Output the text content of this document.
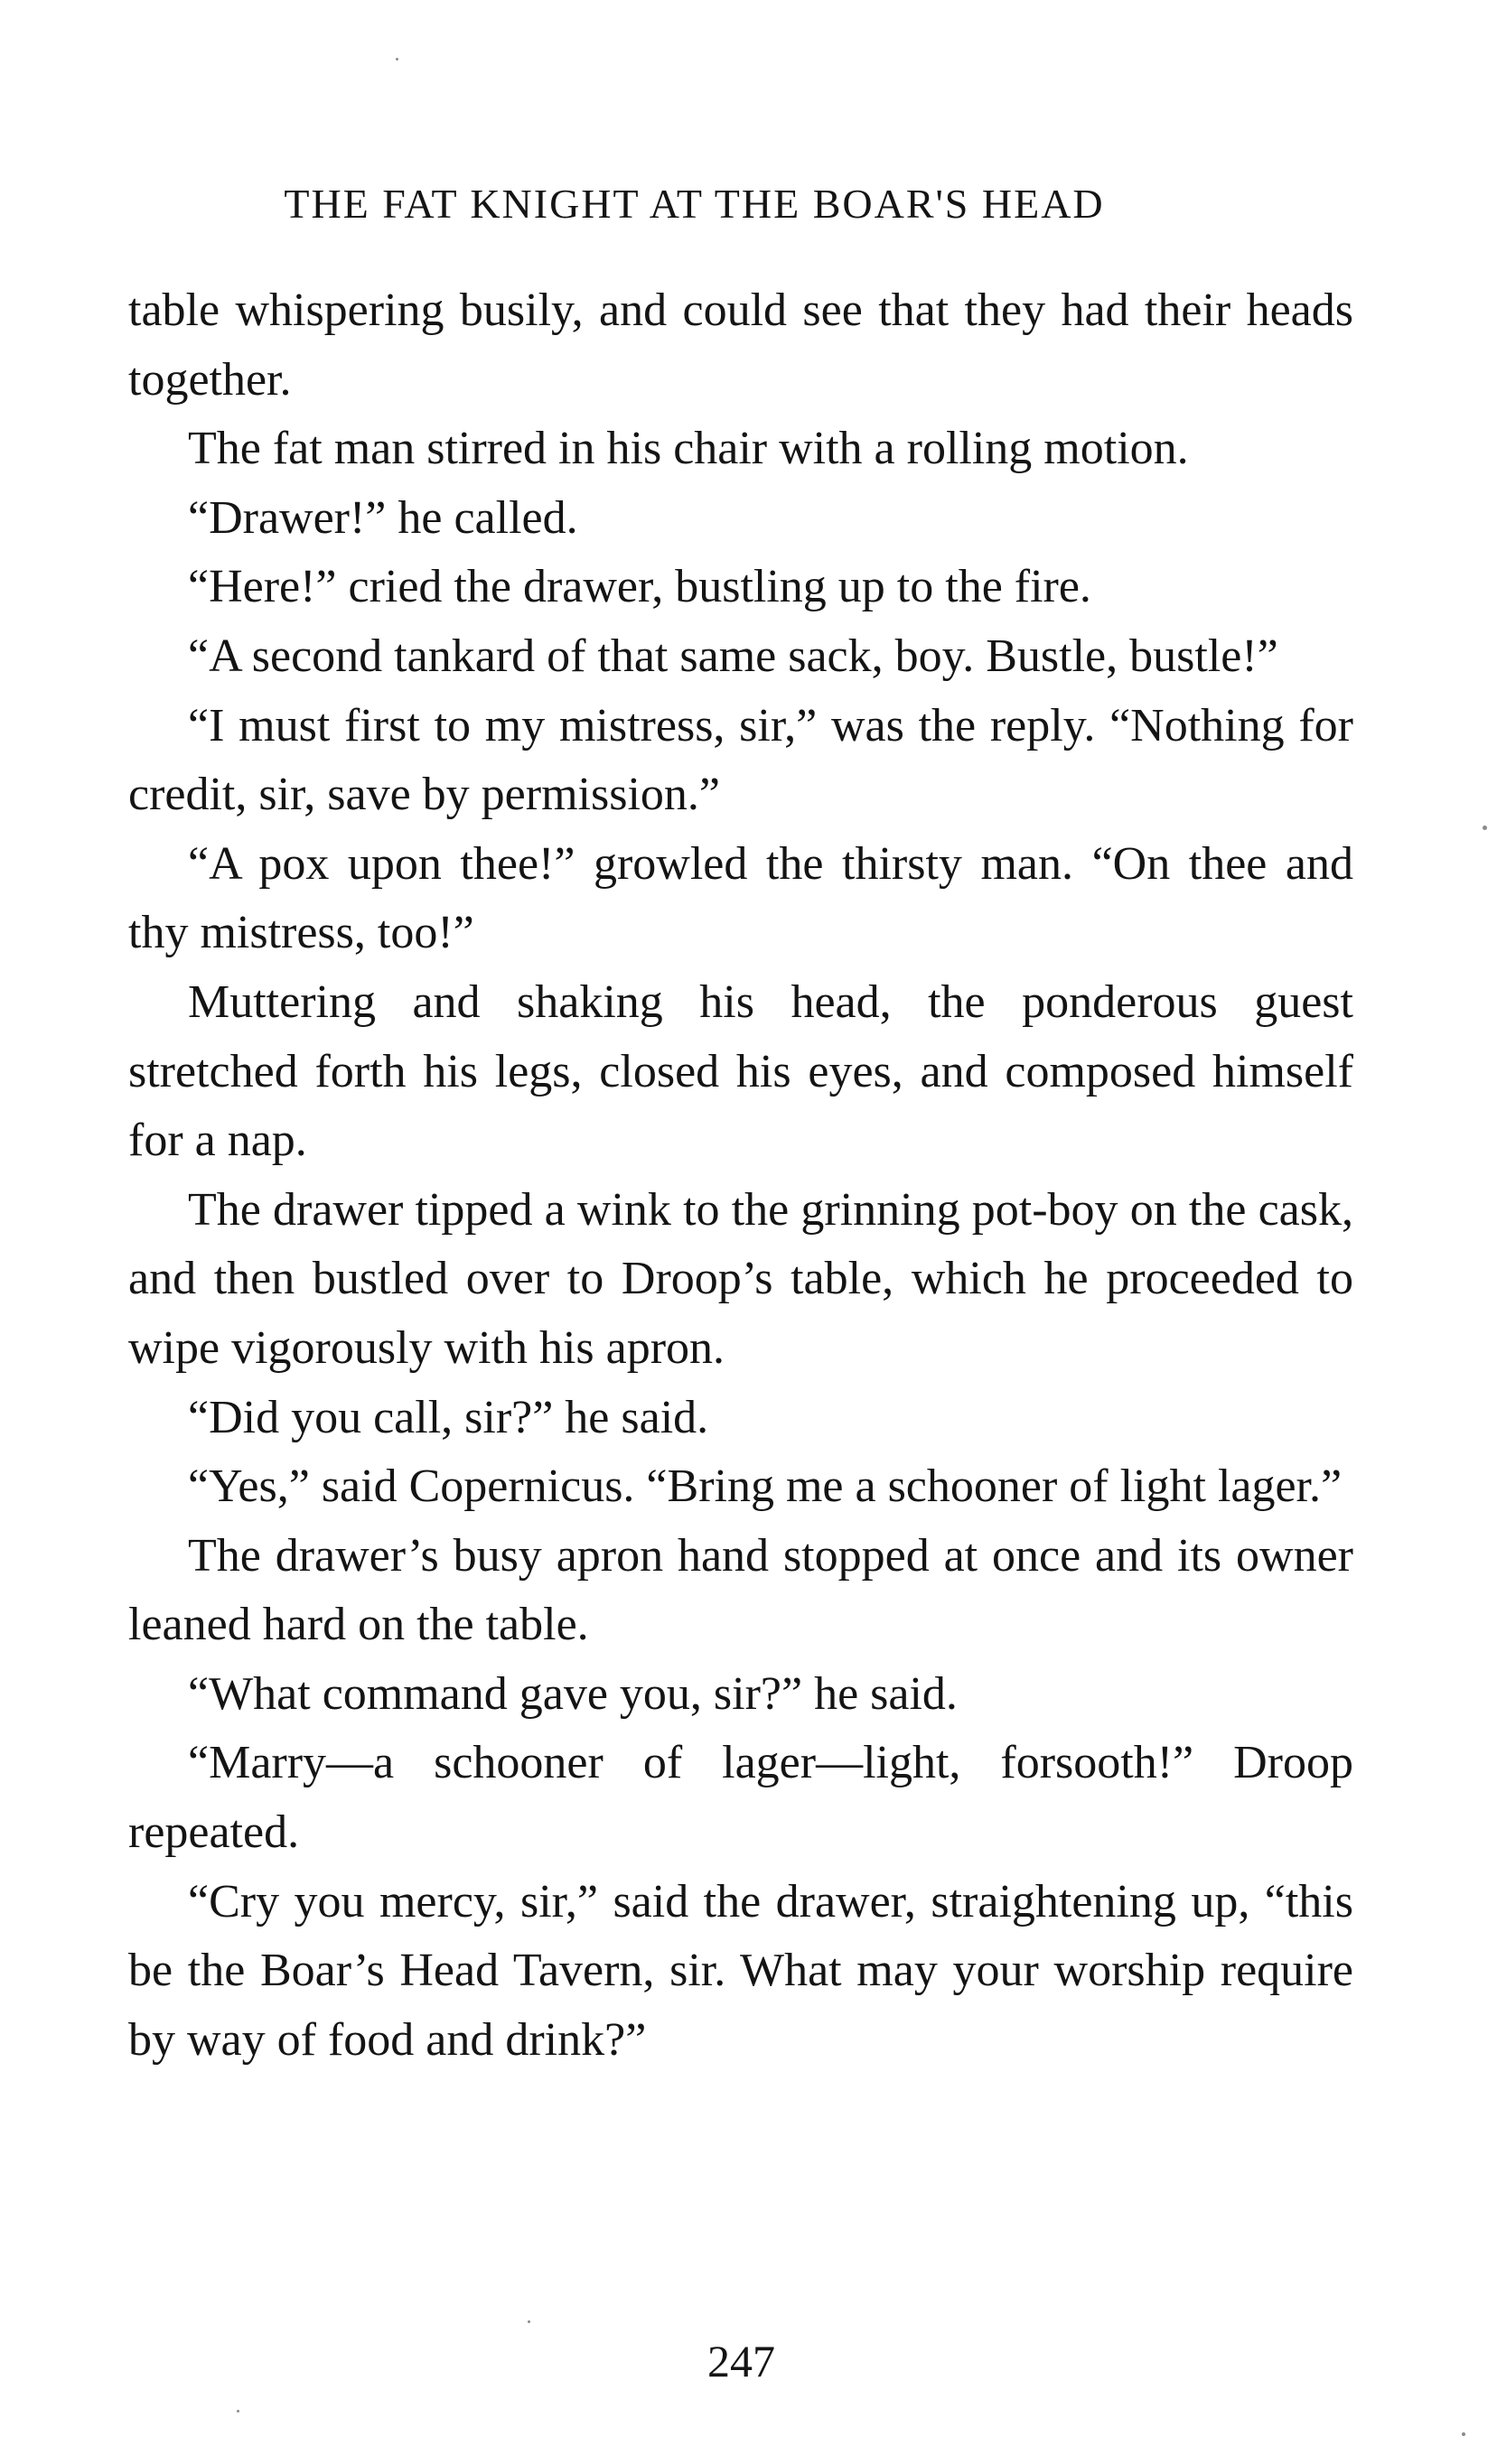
THE FAT KNIGHT AT THE BOAR'S HEAD

table whispering busily, and could see that they had their heads together.

The fat man stirred in his chair with a rolling motion.

“Drawer!” he called.

“Here!” cried the drawer, bustling up to the fire.

“A second tankard of that same sack, boy. Bustle, bustle!”

“I must first to my mistress, sir,” was the reply. “Nothing for credit, sir, save by permission.”

“A pox upon thee!” growled the thirsty man. “On thee and thy mistress, too!”

Muttering and shaking his head, the ponderous guest stretched forth his legs, closed his eyes, and composed himself for a nap.

The drawer tipped a wink to the grinning pot-boy on the cask, and then bustled over to Droop’s table, which he proceeded to wipe vigorously with his apron.

“Did you call, sir?” he said.

“Yes,” said Copernicus. “Bring me a schooner of light lager.”

The drawer’s busy apron hand stopped at once and its owner leaned hard on the table.

“What command gave you, sir?” he said.

“Marry—a schooner of lager—light, forsooth!” Droop repeated.

“Cry you mercy, sir,” said the drawer, straightening up, “this be the Boar’s Head Tavern, sir. What may your worship require by way of food and drink?”

247
